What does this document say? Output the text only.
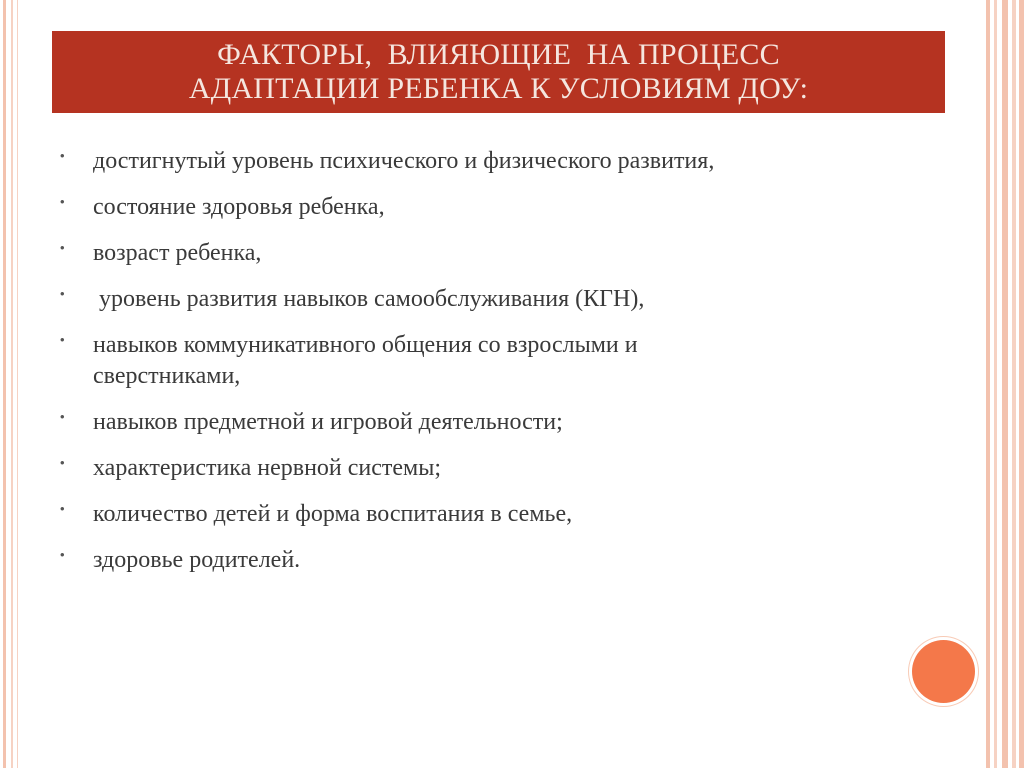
ФАКТОРЫ,  ВЛИЯЮЩИЕ  НА ПРОЦЕСС
АДАПТАЦИИ РЕБЕНКА К УСЛОВИЯМ ДОУ:
•	достигнутый уровень психического и физического развития,
•	состояние здоровья ребенка,
•	возраст ребенка,
•	уровень развития навыков самообслуживания (КГН),
•	навыков коммуникативного общения со взрослыми и
сверстниками,
•	навыков предметной и игровой деятельности;
•	характеристика нервной системы;
•	количество детей и форма воспитания в семье,
•	здоровье родителей.
